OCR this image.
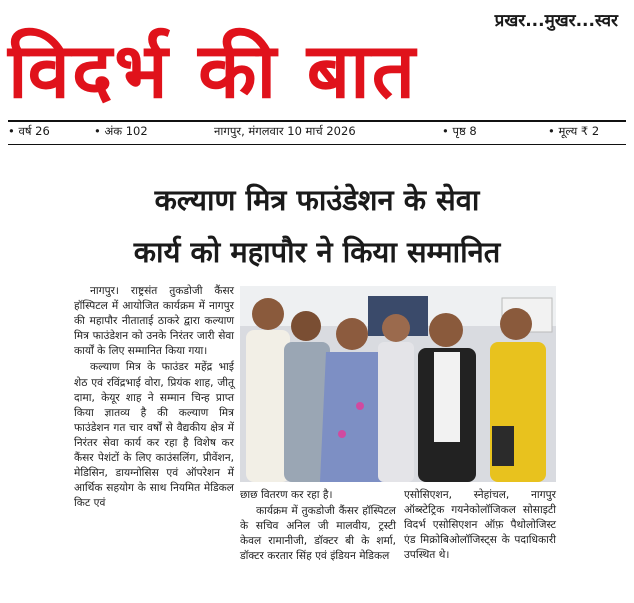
प्रखर...मुखर...स्वर
विदर्भ की बात
• वर्ष 26	• अंक 102	नागपुर, मंगलवार 10 मार्च 2026	• पृष्ठ 8	• मूल्य ₹ 2
कल्याण मित्र फाउंडेशन के सेवा
कार्य को महापौर ने किया सम्मानित

नागपुर। राष्ट्रसंत तुकडोजी कैंसर हॉस्पिटल में आयोजित कार्यक्रम में नागपुर की महापौर नीताताई ठाकरे द्वारा कल्याण मित्र फाउंडेशन को उनके निरंतर जारी सेवा कार्यों के लिए सम्मानित किया गया।

कल्याण मित्र के फाउंडर महेंद्र भाई शेठ एवं रविंद्रभाई वोरा, प्रियंक शाह, जीतू दामा, केयूर शाह ने सम्मान चिन्ह प्राप्त किया ज्ञातव्य है की कल्याण मित्र फाउंडेशन गत चार वर्षों से वैद्यकीय क्षेत्र में निरंतर सेवा कार्य कर रहा है विशेष कर कैंसर पेशंटों के लिए काउंसलिंग, प्रीवेंशन, मेडिसिन, डायग्नोसिस एवं ऑपरेशन में आर्थिक सहयोग के साथ नियमित मेडिकल किट एवं

छाछ वितरण कर रहा है।

कार्यक्रम में तुकडोजी कैंसर हॉस्पिटल के सचिव अनिल जी मालवीय, ट्रस्टी केवल रामानीजी, डॉक्टर बी के शर्मा, डॉक्टर करतार सिंह एवं इंडियन मेडिकल

एसोसिएशन, स्नेहांचल, नागपुर ऑब्स्टेट्रिक गयनेकोलॉजिकल सोसाइटी विदर्भ एसोसिएशन ऑफ़ पैथोलोजिस्ट एंड मिक्रोबिओलॉजिस्ट्स के पदाधिकारी उपस्थित थे।
